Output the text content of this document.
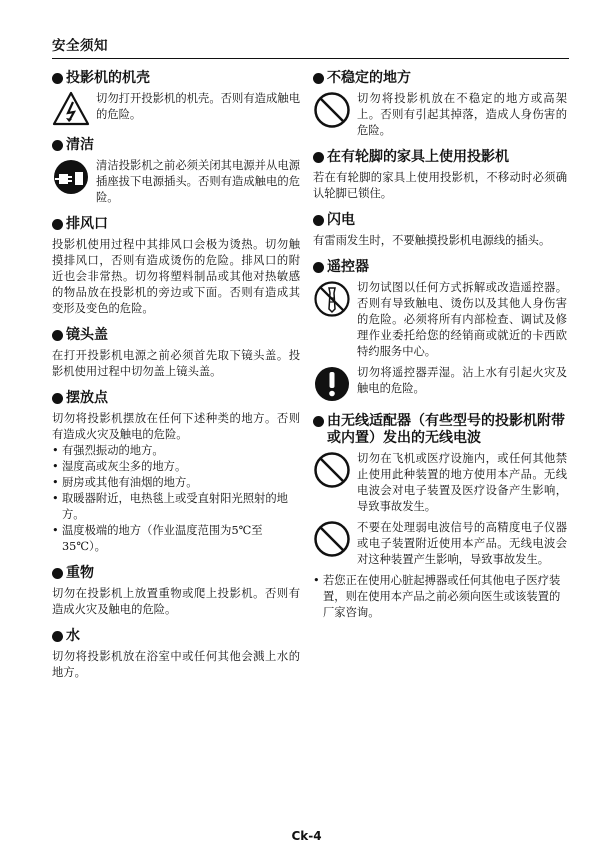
安全须知
投影机的机壳

切勿打开投影机的机壳。否则有造成触电的危险。

清洁

清洁投影机之前必须关闭其电源并从电源插座拔下电源插头。否则有造成触电的危险。

排风口

投影机使用过程中其排风口会极为烫热。切勿触摸排风口，否则有造成烫伤的危险。排风口的附近也会非常热。切勿将塑料制品或其他对热敏感的物品放在投影机的旁边或下面。否则有造成其变形及变色的危险。

镜头盖

在打开投影机电源之前必须首先取下镜头盖。投影机使用过程中切勿盖上镜头盖。

摆放点

切勿将投影机摆放在任何下述种类的地方。否则有造成火灾及触电的危险。

• 有强烈振动的地方。
• 湿度高或灰尘多的地方。
• 厨房或其他有油烟的地方。
• 取暖器附近，电热毯上或受直射阳光照射的地方。
• 温度极端的地方（作业温度范围为5℃至35℃）。
重物

切勿在投影机上放置重物或爬上投影机。否则有造成火灾及触电的危险。

水

切勿将投影机放在浴室中或任何其他会溅上水的地方。

不稳定的地方

切勿将投影机放在不稳定的地方或高架上。否则有引起其掉落，造成人身伤害的危险。

在有轮脚的家具上使用投影机

若在有轮脚的家具上使用投影机，不移动时必须确认轮脚已锁住。

闪电

有雷雨发生时，不要触摸投影机电源线的插头。

遥控器

切勿试图以任何方式拆解或改造遥控器。否则有导致触电、烫伤以及其他人身伤害的危险。必须将所有内部检查、调试及修理作业委托给您的经销商或就近的卡西欧特约服务中心。

切勿将遥控器弄湿。沾上水有引起火灾及触电的危险。

由无线适配器（有些型号的投影机附带或内置）发出的无线电波

切勿在飞机或医疗设施内，或任何其他禁止使用此种装置的地方使用本产品。无线电波会对电子装置及医疗设备产生影响，导致事故发生。

不要在处理弱电波信号的高精度电子仪器或电子装置附近使用本产品。无线电波会对这种装置产生影响，导致事故发生。

• 若您正在使用心脏起搏器或任何其他电子医疗装置，则在使用本产品之前必须向医生或该装置的厂家咨询。
Ck-4
